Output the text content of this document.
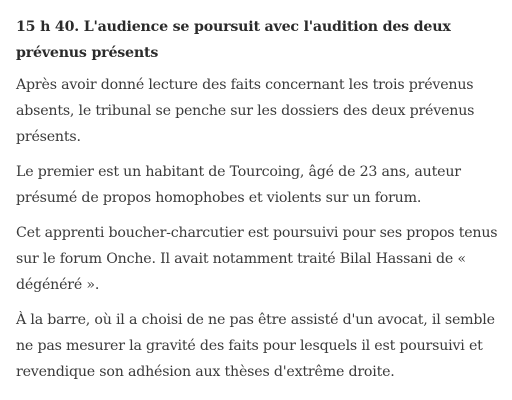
15 h 40. L'audience se poursuit avec l'audition des deux prévenus présents

Après avoir donné lecture des faits concernant les trois prévenus absents, le tribunal se penche sur les dossiers des deux prévenus présents.

Le premier est un habitant de Tourcoing, âgé de 23 ans, auteur présumé de propos homophobes et violents sur un forum.

Cet apprenti boucher-charcutier est poursuivi pour ses propos tenus sur le forum Onche. Il avait notamment traité Bilal Hassani de « dégénéré ».

À la barre, où il a choisi de ne pas être assisté d'un avocat, il semble ne pas mesurer la gravité des faits pour lesquels il est poursuivi et revendique son adhésion aux thèses d'extrême droite.
